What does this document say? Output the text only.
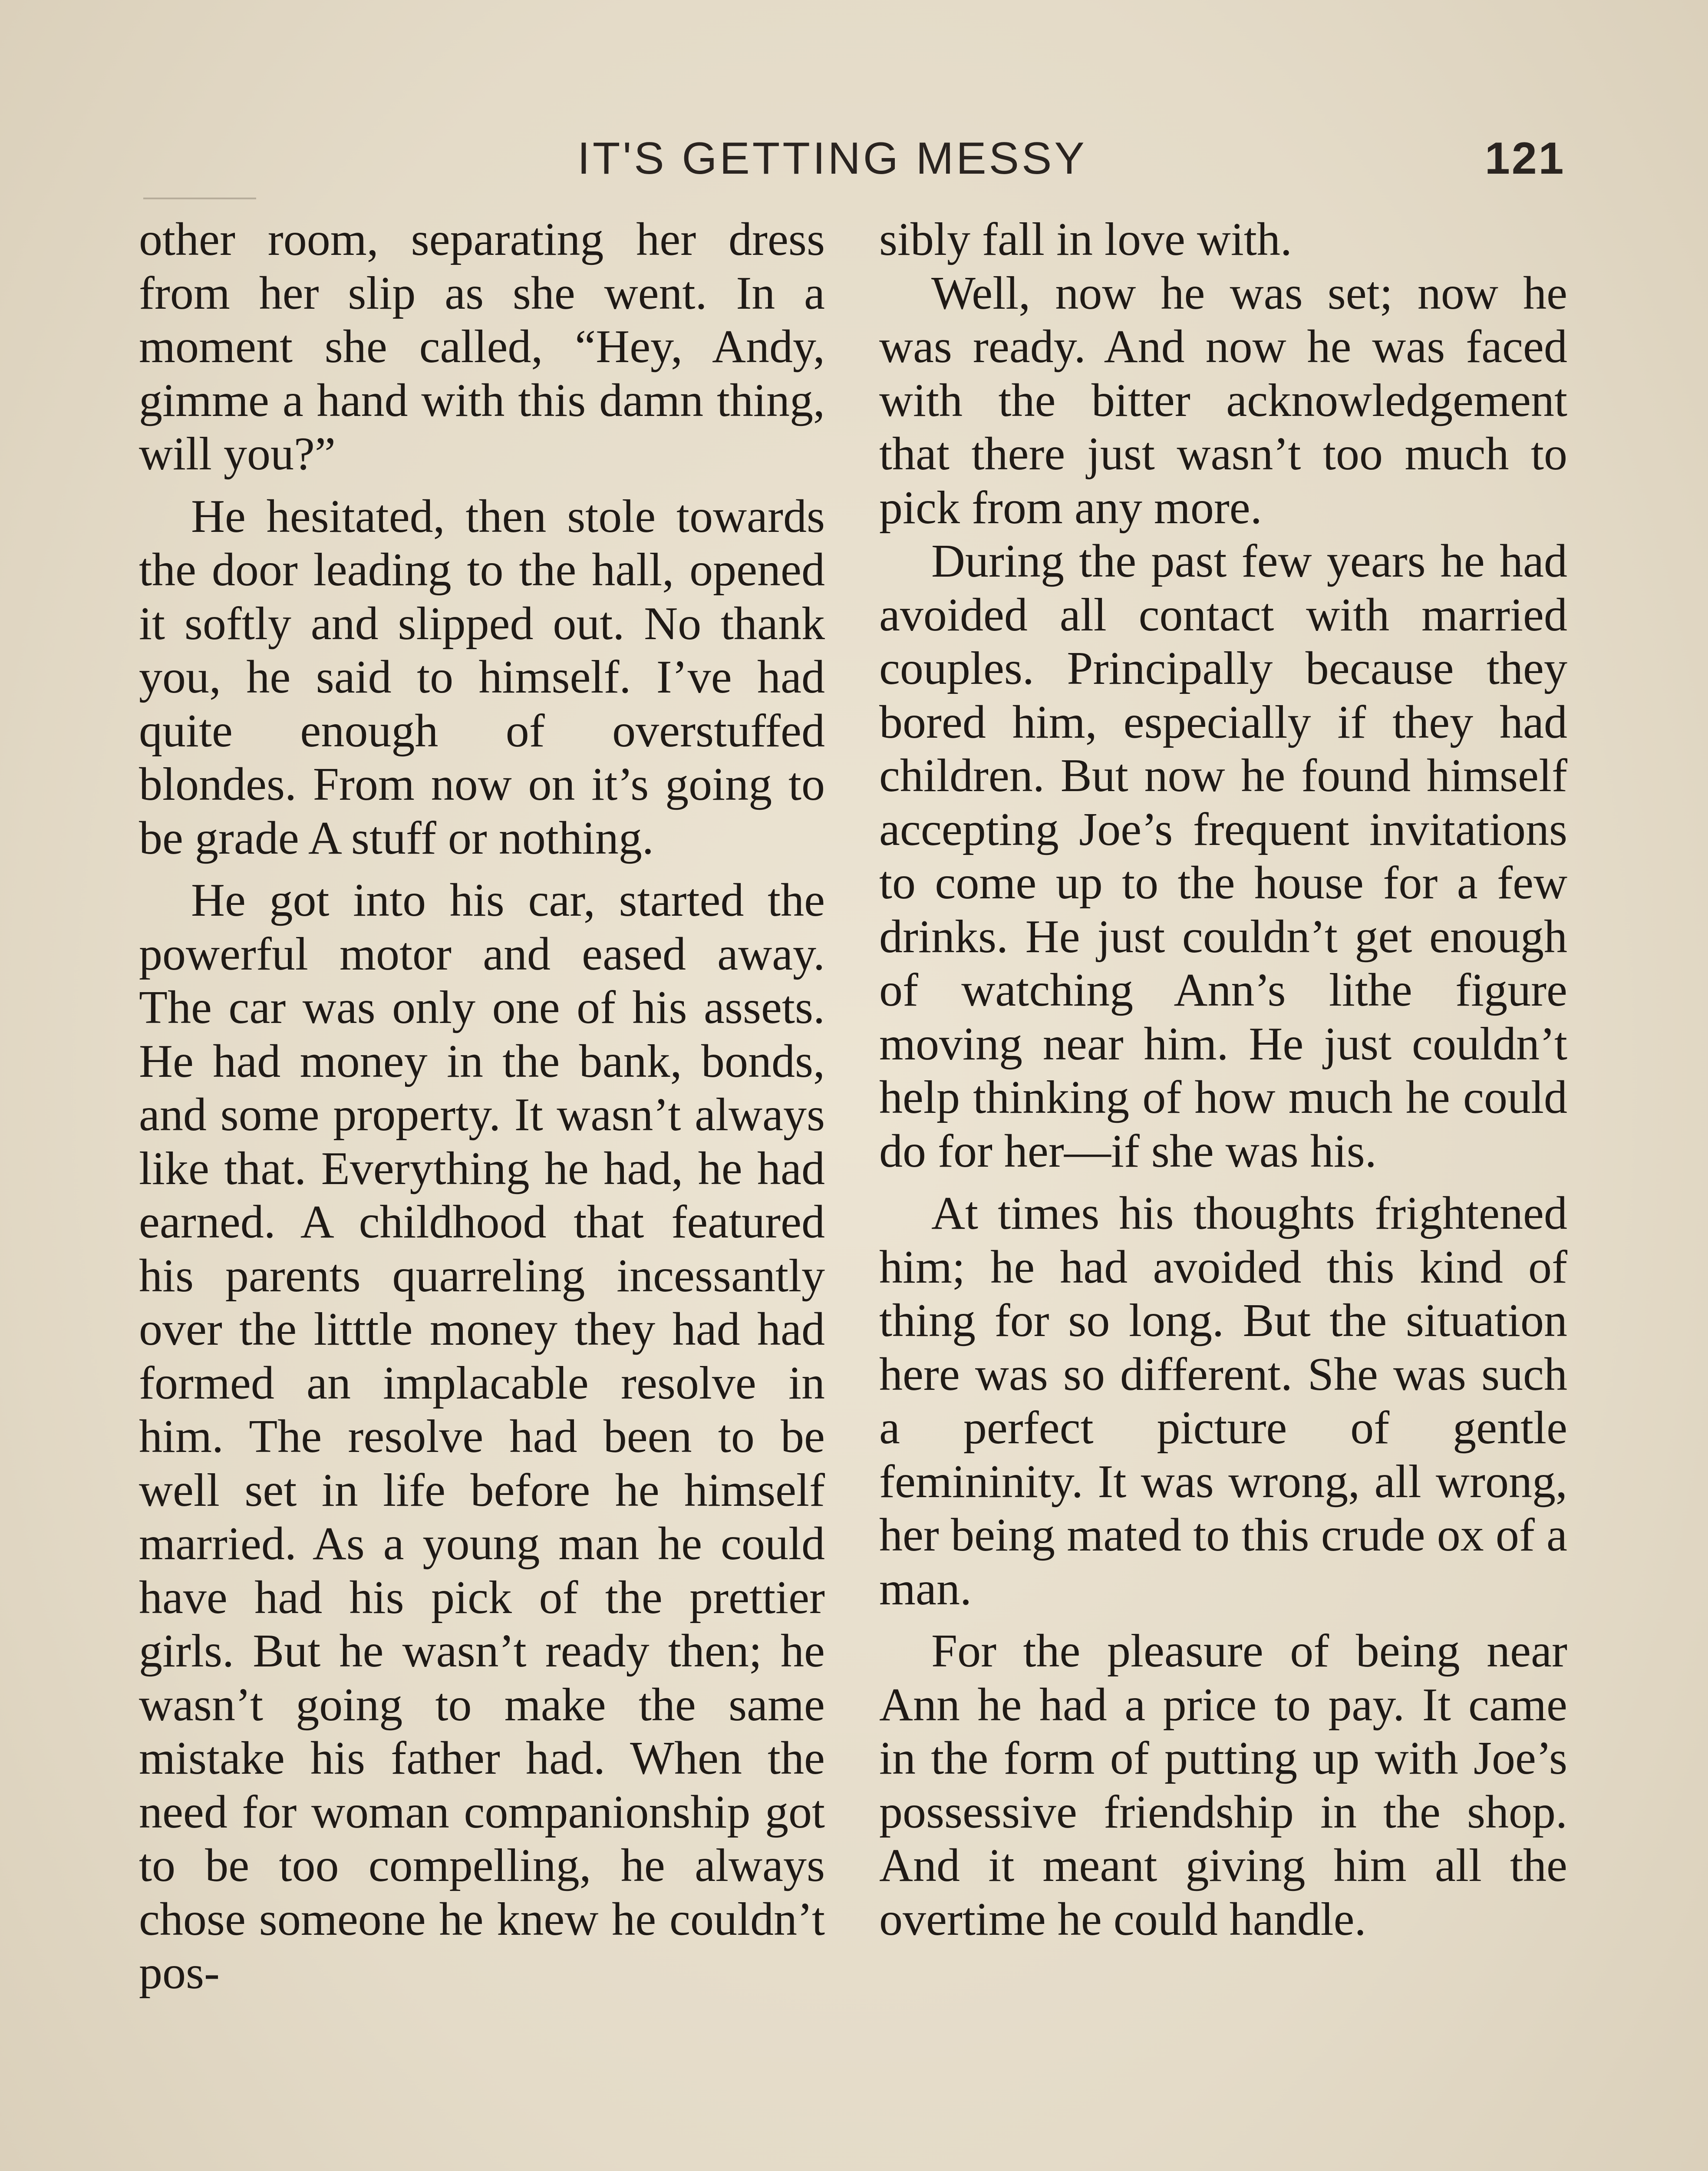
IT'S GETTING MESSY	121

other room, separating her dress from her slip as she went. In a moment she called, “Hey, Andy, gimme a hand with this damn thing, will you?”

He hesitated, then stole towards the door leading to the hall, opened it softly and slipped out. No thank you, he said to himself. I’ve had quite enough of overstuffed blondes. From now on it’s going to be grade A stuff or nothing.

He got into his car, started the powerful motor and eased away. The car was only one of his assets. He had money in the bank, bonds, and some property. It wasn’t always like that. Everything he had, he had earned. A childhood that featured his parents quarreling incessantly over the litttle money they had had formed an implacable resolve in him. The resolve had been to be well set in life before he himself married. As a young man he could have had his pick of the prettier girls. But he wasn’t ready then; he wasn’t going to make the same mistake his father had. When the need for woman companionship got to be too compelling, he always chose someone he knew he couldn’t pos-

sibly fall in love with.

Well, now he was set; now he was ready. And now he was faced with the bitter acknowledgement that there just wasn’t too much to pick from any more.

During the past few years he had avoided all contact with married couples. Principally because they bored him, especially if they had children. But now he found himself accepting Joe’s frequent invitations to come up to the house for a few drinks. He just couldn’t get enough of watching Ann’s lithe figure moving near him. He just couldn’t help thinking of how much he could do for her—if she was his.

At times his thoughts frightened him; he had avoided this kind of thing for so long. But the situation here was so different. She was such a perfect picture of gentle femininity. It was wrong, all wrong, her being mated to this crude ox of a man.

For the pleasure of being near Ann he had a price to pay. It came in the form of putting up with Joe’s possessive friendship in the shop. And it meant giving him all the overtime he could handle.
